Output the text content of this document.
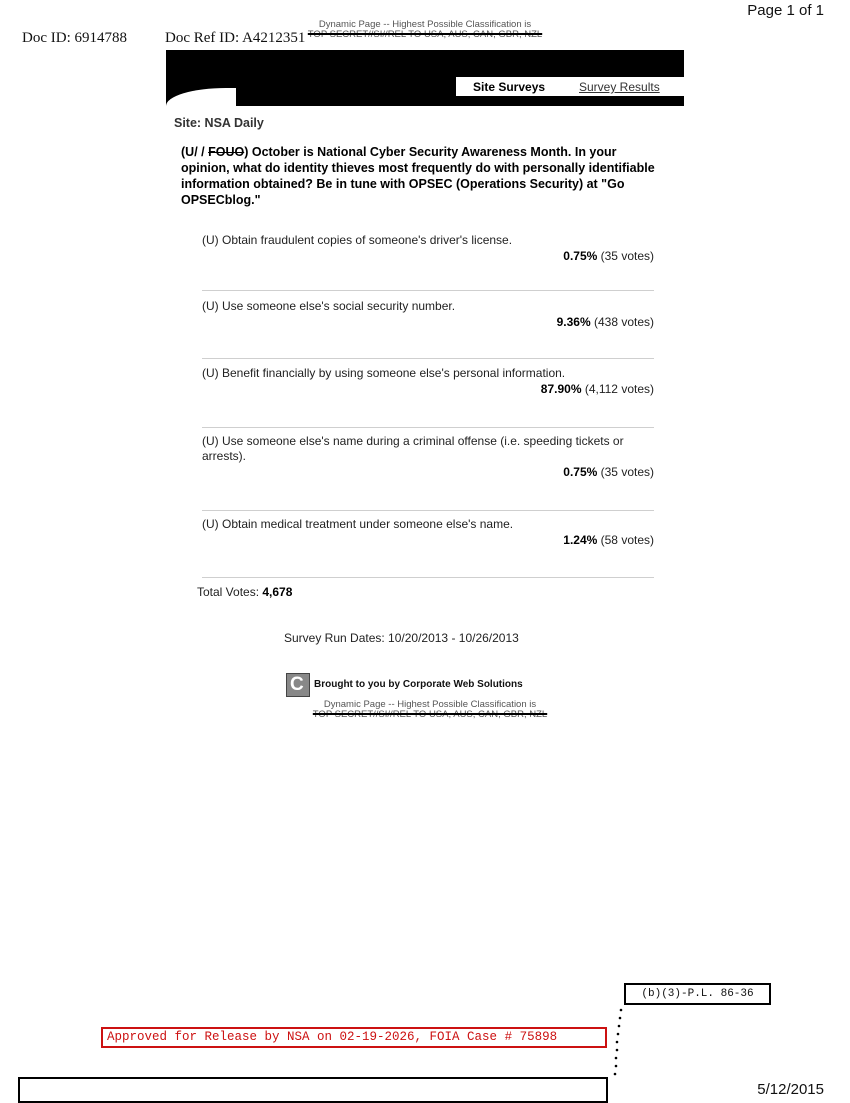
Page 1 of 1
Doc ID: 6914788	Doc Ref ID: A4212351
Dynamic Page -- Highest Possible Classification is
TOP SECRET//SI//REL TO USA, AUS, CAN, GBR, NZL
Site Surveys	Survey Results
Site: NSA Daily
(U/ / FOUO) October is National Cyber Security Awareness Month. In your opinion, what do identity thieves most frequently do with personally identifiable information obtained? Be in tune with OPSEC (Operations Security) at "Go OPSECblog."
(U) Obtain fraudulent copies of someone's driver's license.
0.75% (35 votes)
(U) Use someone else's social security number.
9.36% (438 votes)
(U) Benefit financially by using someone else's personal information.
87.90% (4,112 votes)
(U) Use someone else's name during a criminal offense (i.e. speeding tickets or arrests).
0.75% (35 votes)
(U) Obtain medical treatment under someone else's name.
1.24% (58 votes)
Total Votes: 4,678
Survey Run Dates: 10/20/2013 - 10/26/2013
C Brought to you by Corporate Web Solutions
Dynamic Page -- Highest Possible Classification is
TOP SECRET//SI//REL TO USA, AUS, CAN, GBR, NZL
(b)(3)-P.L. 86-36
Approved for Release by NSA on 02-19-2026, FOIA Case # 75898
5/12/2015
